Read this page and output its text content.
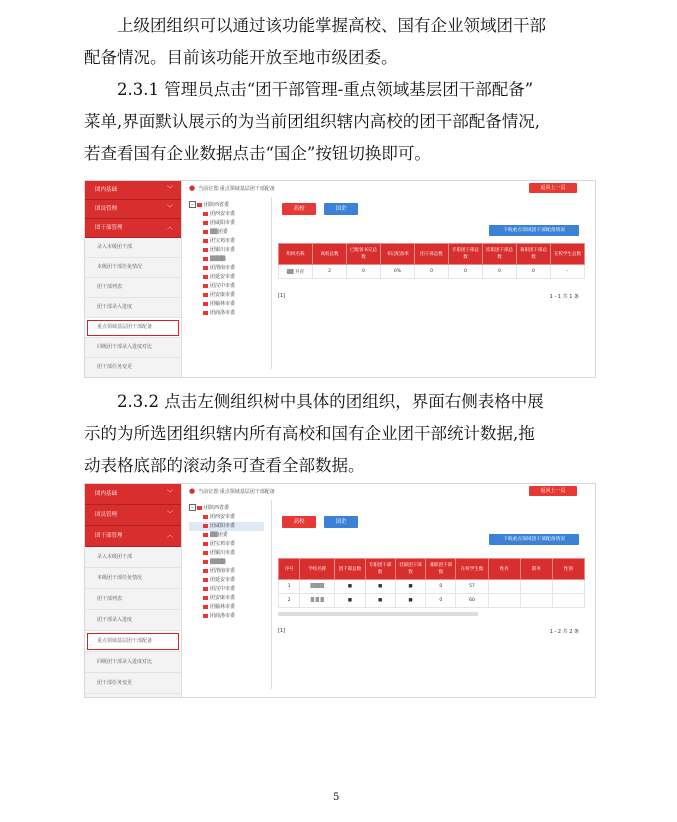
上级团组织可以通过该功能掌握高校、国有企业领域团干部

配备情况。目前该功能开放至地市级团委。

2.3.1 管理员点击“团干部管理-重点领域基层团干部配备”

菜单,界面默认展示的为当前团组织辖内高校的团干部配备情况,

若查看国有企业数据点击“国企”按钮切换即可。

团内基础	﹀
团员管理	﹀
团干部管理	︿
录入本级团干部
本级团干部任免情况
团干部列表
团干部录入进度
重点领域基层团干部配备
同级团干部录入进度对比
团干部任务变更
● 当前位置:重点领域基层团干部配备	返回上一页
− 团陕西省委
团西安市委
团咸阳市委
▒▒团委
团宝鸡市委
团铜川市委
▒▒▒▒
团渭南市委
团延安市委
团汉中市委
团安康市委
团榆林市委
团商洛市委
高校	国企
下载重点领域团干部配备情况
组织名称	高校总数	已配备书记总数	书记配备率	团干部总数	专职团干部总数	挂职团干部总数	兼职团干部总数	在校学生总数
▒▒ 共青	2	0	0%	0	0	0	0	-
[1]	1 - 1 共 1 条

2.3.2 点击左侧组织树中具体的团组织，界面右侧表格中展

示的为所选团组织辖内所有高校和国有企业团干部统计数据,拖

动表格底部的滚动条可查看全部数据。

团内基础	﹀
团员管理	﹀
团干部管理	︿
录入本级团干部
本级团干部任免情况
团干部列表
团干部录入进度
重点领域基层团干部配备
同级团干部录入进度对比
团干部任务变更
● 当前位置:重点领域基层团干部配备	返回上一页
− 团陕西省委
团西安市委
团咸阳市委
▒▒团委
团宝鸡市委
团铜川市委
▒▒▒▒
团渭南市委
团延安市委
团汉中市委
团安康市委
团榆林市委
团商洛市委
高校	国企
下载重点领域团干部配备情况
序号	学校名称	团干部总数	专职团干部数	挂职团干部数	兼职团干部数	在校学生数	姓名	职务	性别
1	▒▒▒▒	■	■	■	0	57			
2	▒ ▒ ▒	■	■	■	0	60			
[1]	1 - 2 共 2 条
5
